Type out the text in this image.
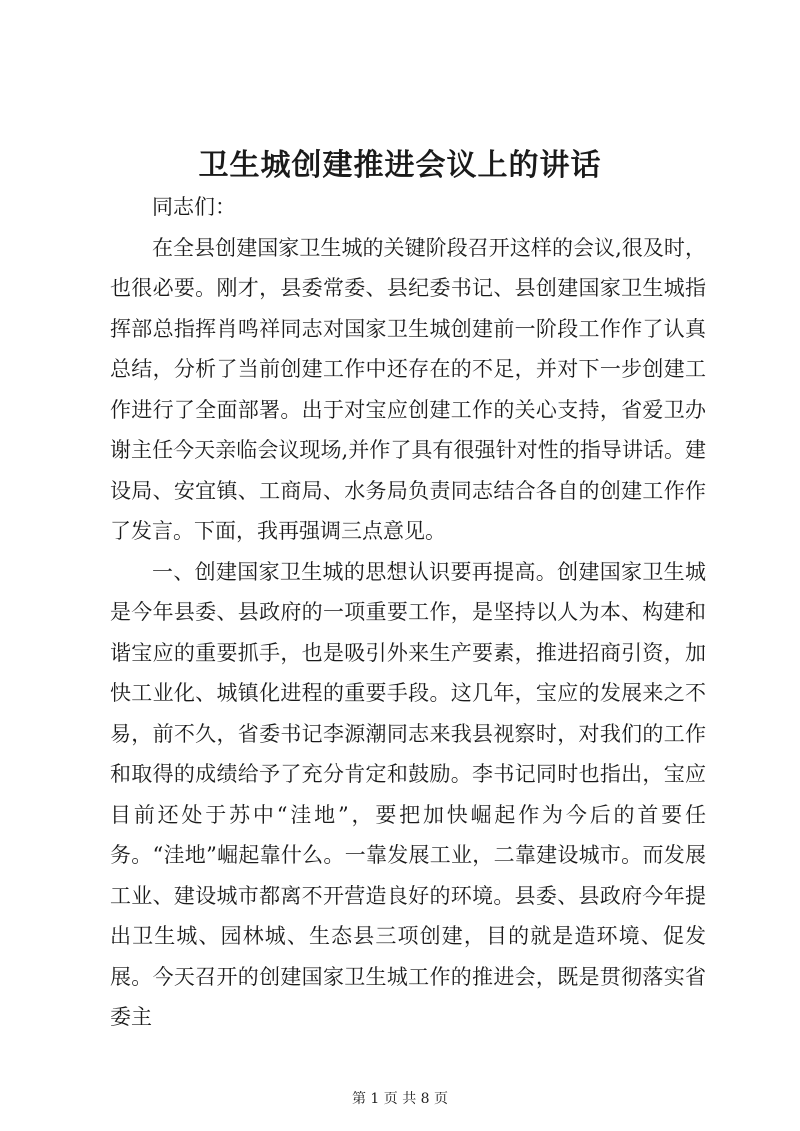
卫生城创建推进会议上的讲话

同志们：

在全县创建国家卫生城的关键阶段召开这样的会议,很及时，也很必要。刚才，县委常委、县纪委书记、县创建国家卫生城指挥部总指挥肖鸣祥同志对国家卫生城创建前一阶段工作作了认真总结，分析了当前创建工作中还存在的不足，并对下一步创建工作进行了全面部署。出于对宝应创建工作的关心支持，省爱卫办谢主任今天亲临会议现场,并作了具有很强针对性的指导讲话。建设局、安宜镇、工商局、水务局负责同志结合各自的创建工作作了发言。下面，我再强调三点意见。

一、创建国家卫生城的思想认识要再提高。创建国家卫生城是今年县委、县政府的一项重要工作，是坚持以人为本、构建和谐宝应的重要抓手，也是吸引外来生产要素，推进招商引资，加快工业化、城镇化进程的重要手段。这几年，宝应的发展来之不易，前不久，省委书记李源潮同志来我县视察时，对我们的工作和取得的成绩给予了充分肯定和鼓励。李书记同时也指出，宝应目前还处于苏中“洼地”，要把加快崛起作为今后的首要任务。“洼地”崛起靠什么。一靠发展工业，二靠建设城市。而发展工业、建设城市都离不开营造良好的环境。县委、县政府今年提出卫生城、园林城、生态县三项创建，目的就是造环境、促发展。今天召开的创建国家卫生城工作的推进会，既是贯彻落实省委主

第 1 页 共 8 页
